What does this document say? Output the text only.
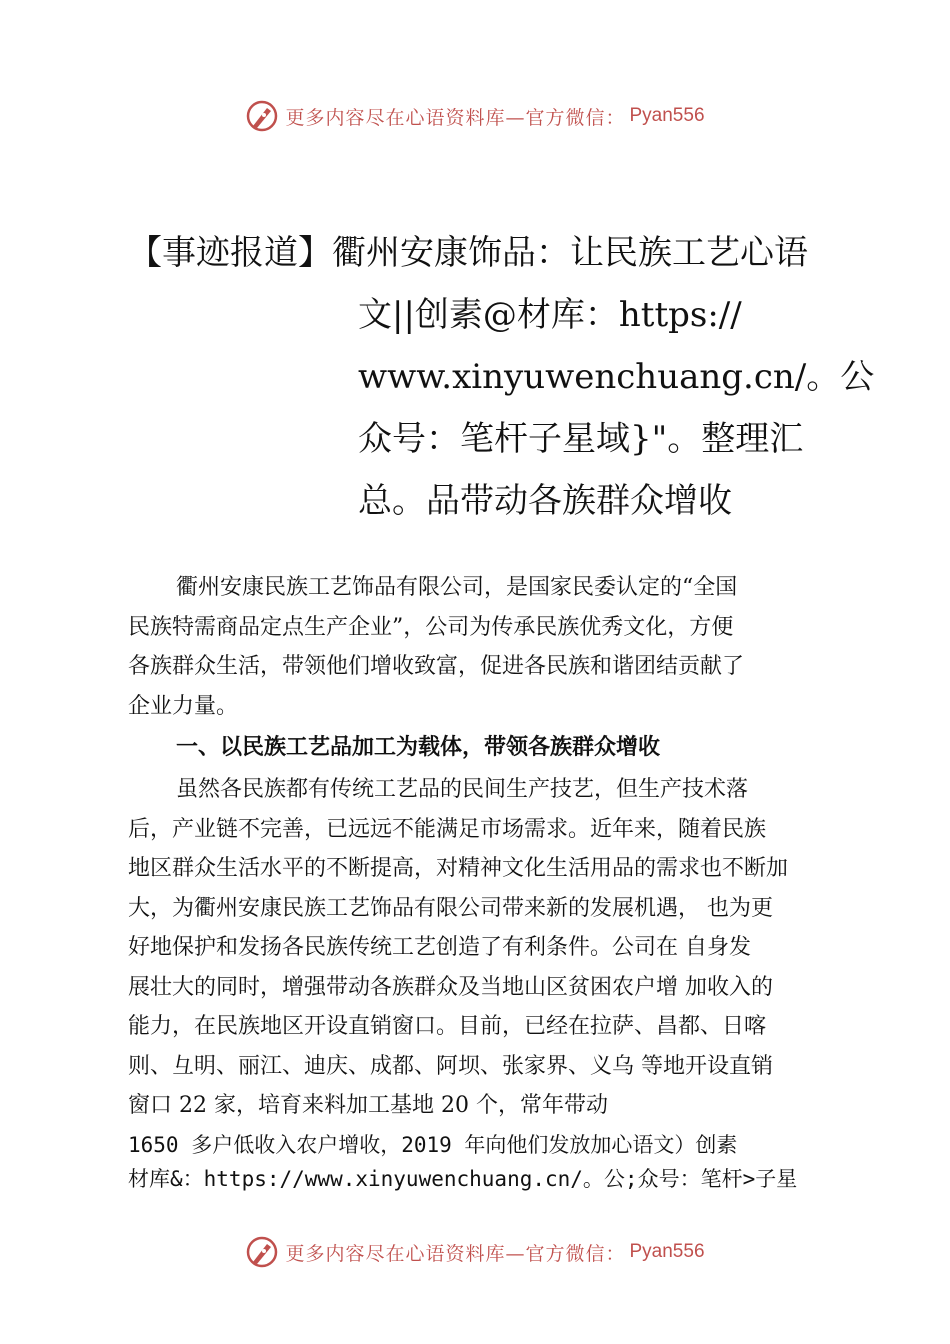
更多内容尽在心语资料库—官方微信： Pyan556
【事迹报道】衢州安康饰品：让民族工艺心语
文||创素@材库：https://
www.xinyuwenchuang.cn/。公
众号：笔杆子星域}"。整理汇
总。品带动各族群众增收
衢州安康民族工艺饰品有限公司，是国家民委认定的“全国
民族特需商品定点生产企业”，公司为传承民族优秀文化，方便
各族群众生活，带领他们增收致富，促进各民族和谐团结贡献了
企业力量。
一、以民族工艺品加工为载体，带领各族群众增收
虽然各民族都有传统工艺品的民间生产技艺，但生产技术落
后，产业链不完善，已远远不能满足市场需求。近年来，随着民族
地区群众生活水平的不断提高，对精神文化生活用品的需求也不断加
大，为衢州安康民族工艺饰品有限公司带来新的发展机遇， 也为更
好地保护和发扬各民族传统工艺创造了有利条件。公司在 自身发
展壮大的同时，增强带动各族群众及当地山区贫困农户增 加收入的
能力，在民族地区开设直销窗口。目前，已经在拉萨、昌都、日喀
则、彑明、丽江、迪庆、成都、阿坝、张家界、义乌 等地开设直销
窗口 22 家，培育来料加工基地 20 个，常年带动
1650 多户低收入农户增收，2019 年向他们发放加心语文）创素
材库&：https://www.xinyuwenchuang.cn/。公;众号：笔杆>子星
更多内容尽在心语资料库—官方微信： Pyan556
